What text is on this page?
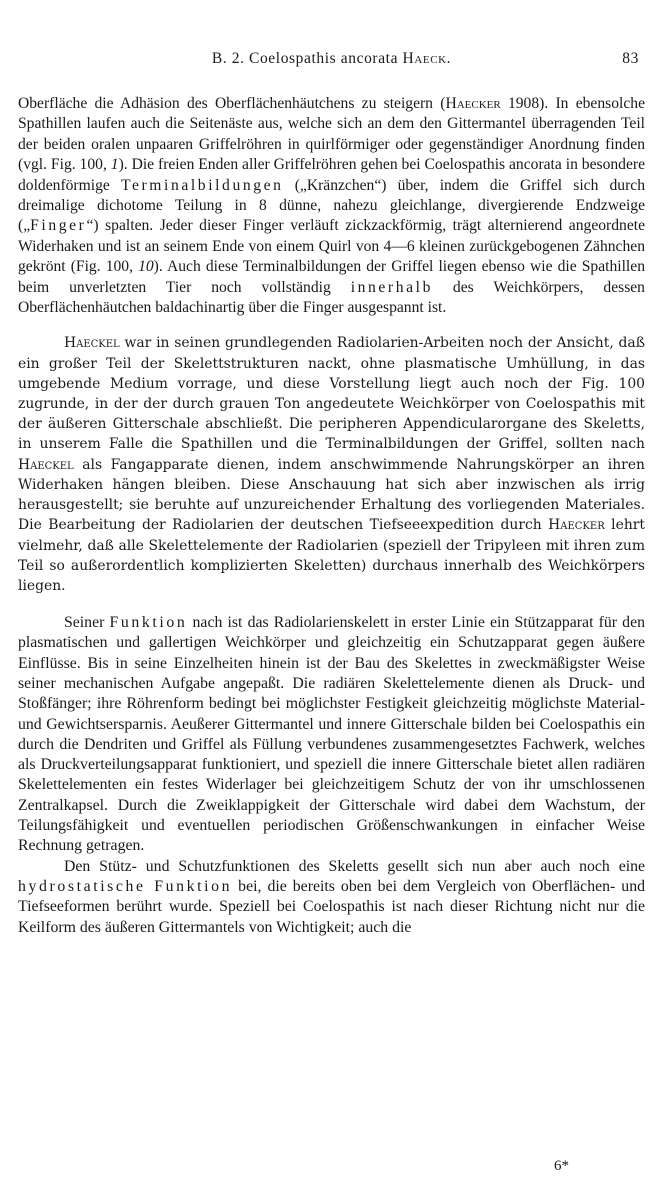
B. 2. Coelospathis ancorata Haeck.	83

Oberfläche die Adhäsion des Oberflächenhäutchens zu steigern (Haecker 1908). In ebensolche Spathillen laufen auch die Seitenäste aus, welche sich an dem den Gittermantel überragenden Teil der beiden oralen unpaaren Griffelröhren in quirlförmiger oder gegenständiger Anordnung finden (vgl. Fig. 100, 1). Die freien Enden aller Griffelröhren gehen bei Coelospathis ancorata in besondere doldenförmige Terminalbildungen („Kränzchen“) über, indem die Griffel sich durch dreimalige dichotome Teilung in 8 dünne, nahezu gleichlange, divergierende Endzweige („Finger“) spalten. Jeder dieser Finger verläuft zickzackförmig, trägt alternierend angeordnete Widerhaken und ist an seinem Ende von einem Quirl von 4—6 kleinen zurückgebogenen Zähnchen gekrönt (Fig. 100, 10). Auch diese Terminalbildungen der Griffel liegen ebenso wie die Spathillen beim unverletzten Tier noch vollständig innerhalb des Weichkörpers, dessen Oberflächenhäutchen baldachinartig über die Finger ausgespannt ist.

Haeckel war in seinen grundlegenden Radiolarien-Arbeiten noch der Ansicht, daß ein großer Teil der Skelettstrukturen nackt, ohne plasmatische Umhüllung, in das umgebende Medium vorrage, und diese Vorstellung liegt auch noch der Fig. 100 zugrunde, in der der durch grauen Ton angedeutete Weichkörper von Coelospathis mit der äußeren Gitterschale abschließt. Die peripheren Appendicularorgane des Skeletts, in unserem Falle die Spathillen und die Terminalbildungen der Griffel, sollten nach Haeckel als Fangapparate dienen, indem anschwimmende Nahrungskörper an ihren Widerhaken hängen bleiben. Diese Anschauung hat sich aber inzwischen als irrig herausgestellt; sie beruhte auf unzureichender Erhaltung des vorliegenden Materiales. Die Bearbeitung der Radiolarien der deutschen Tiefseeexpedition durch Haecker lehrt vielmehr, daß alle Skelettelemente der Radiolarien (speziell der Tripyleen mit ihren zum Teil so außerordentlich komplizierten Skeletten) durchaus innerhalb des Weichkörpers liegen.

Seiner Funktion nach ist das Radiolarienskelett in erster Linie ein Stützapparat für den plasmatischen und gallertigen Weichkörper und gleichzeitig ein Schutzapparat gegen äußere Einflüsse. Bis in seine Einzelheiten hinein ist der Bau des Skelettes in zweckmäßigster Weise seiner mechanischen Aufgabe angepaßt. Die radiären Skelettelemente dienen als Druck- und Stoßfänger; ihre Röhrenform bedingt bei möglichster Festigkeit gleichzeitig möglichste Material- und Gewichtsersparnis. Aeußerer Gittermantel und innere Gitterschale bilden bei Coelospathis ein durch die Dendriten und Griffel als Füllung verbundenes zusammengesetztes Fachwerk, welches als Druckverteilungsapparat funktioniert, und speziell die innere Gitterschale bietet allen radiären Skelettelementen ein festes Widerlager bei gleichzeitigem Schutz der von ihr umschlossenen Zentralkapsel. Durch die Zweiklappigkeit der Gitterschale wird dabei dem Wachstum, der Teilungsfähigkeit und eventuellen periodischen Größenschwankungen in einfacher Weise Rechnung getragen.

Den Stütz- und Schutzfunktionen des Skeletts gesellt sich nun aber auch noch eine hydrostatische Funktion bei, die bereits oben bei dem Vergleich von Oberflächen- und Tiefseeformen berührt wurde. Speziell bei Coelospathis ist nach dieser Richtung nicht nur die Keilform des äußeren Gittermantels von Wichtigkeit; auch die

6*
